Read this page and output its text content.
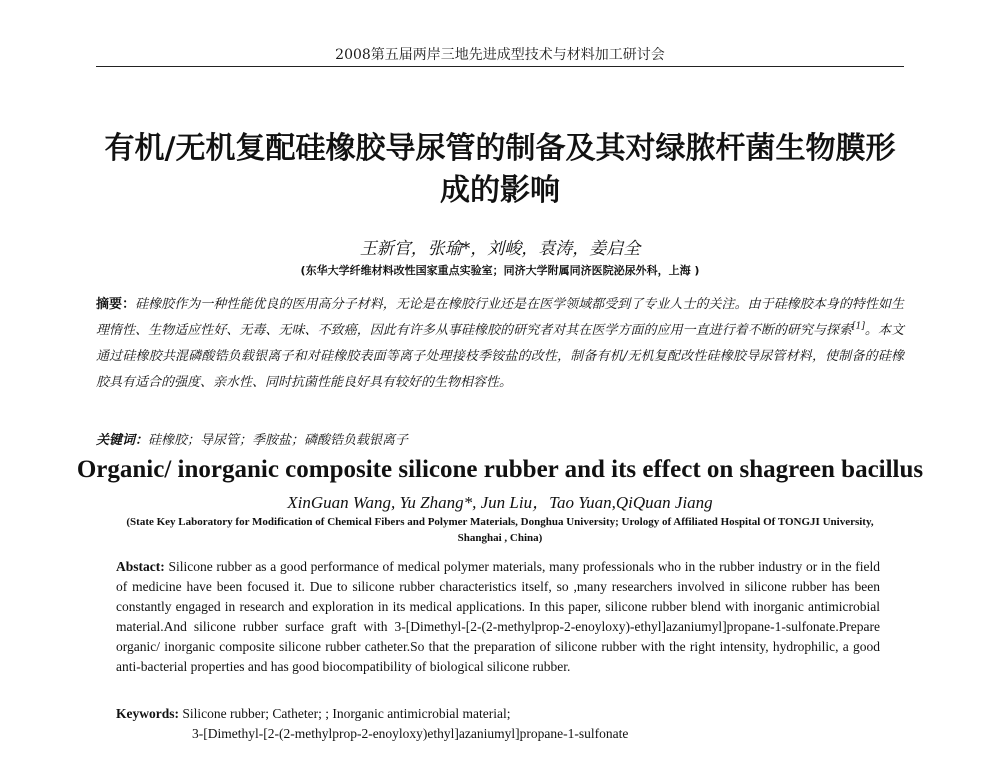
2008第五届两岸三地先进成型技术与材料加工研讨会
有机/无机复配硅橡胶导尿管的制备及其对绿脓杆菌生物膜形
成的影响
王新官，张瑜*，刘峻，袁涛，姜启全
(东华大学纤维材料改性国家重点实验室；同济大学附属同济医院泌尿外科，上海 )

摘要：硅橡胶作为一种性能优良的医用高分子材料，无论是在橡胶行业还是在医学领域都受到了专业人士的关注。由于硅橡胶本身的特性如生理惰性、生物适应性好、无毒、无味、不致癌，因此有许多从事硅橡胶的研究者对其在医学方面的应用一直进行着不断的研究与探索[1]。本文通过硅橡胶共混磷酸锆负载银离子和对硅橡胶表面等离子处理接枝季铵盐的改性，制备有机/无机复配改性硅橡胶导尿管材料，使制备的硅橡胶具有适合的强度、亲水性、同时抗菌性能良好具有较好的生物相容性。

关键词：硅橡胶；导尿管；季胺盐；磷酸锆负载银离子

Organic/ inorganic composite silicone rubber and its effect on shagreen bacillus
XinGuan Wang, Yu Zhang*, Jun Liu，Tao Yuan,QiQuan Jiang
(State Key Laboratory for Modification of Chemical Fibers and Polymer Materials, Donghua University; Urology of Affiliated Hospital Of TONGJI University,
Shanghai , China)

Abstact: Silicone rubber as a good performance of medical polymer materials, many professionals who in the rubber industry or in the field of medicine have been focused it. Due to silicone rubber characteristics itself, so ,many researchers involved in silicone rubber has been constantly engaged in research and exploration in its medical applications. In this paper, silicone rubber blend with inorganic antimicrobial material.And silicone rubber surface graft with 3-[Dimethyl-[2-(2-methylprop-2-enoyloxy)-ethyl]azaniumyl]propane-1-sulfonate.Prepare organic/ inorganic composite silicone rubber catheter.So that the preparation of silicone rubber with the right intensity, hydrophilic, a good anti-bacterial properties and has good biocompatibility of biological silicone rubber.

Keywords: Silicone rubber; Catheter; ; Inorganic antimicrobial material;
3-[Dimethyl-[2-(2-methylprop-2-enoyloxy)ethyl]azaniumyl]propane-1-sulfonate
